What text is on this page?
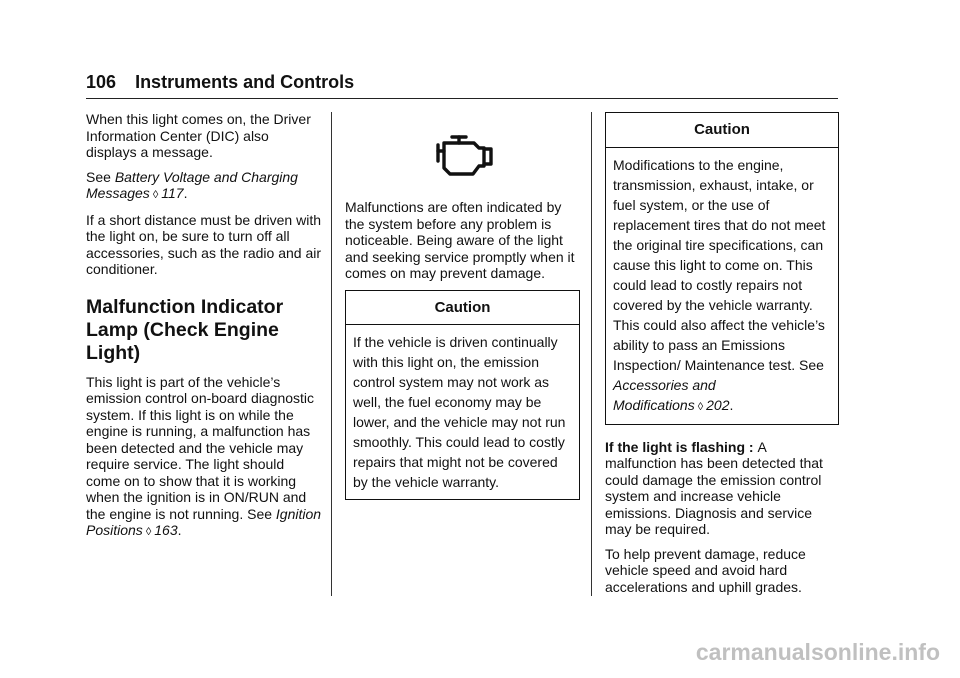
106 Instruments and Controls

When this light comes on, the Driver Information Center (DIC) also displays a message.

See Battery Voltage and Charging Messages ◊ 117.

If a short distance must be driven with the light on, be sure to turn off all accessories, such as the radio and air conditioner.

Malfunction Indicator Lamp (Check Engine Light)

This light is part of the vehicle’s emission control on-board diagnostic system. If this light is on while the engine is running, a malfunction has been detected and the vehicle may require service. The light should come on to show that it is working when the ignition is in ON/RUN and the engine is not running. See Ignition Positions ◊ 163.

Malfunctions are often indicated by the system before any problem is noticeable. Being aware of the light and seeking service promptly when it comes on may prevent damage.

Caution
If the vehicle is driven continually with this light on, the emission control system may not work as well, the fuel economy may be lower, and the vehicle may not run smoothly. This could lead to costly repairs that might not be covered by the vehicle warranty.
Caution
Modifications to the engine, transmission, exhaust, intake, or fuel system, or the use of replacement tires that do not meet the original tire specifications, can cause this light to come on. This could lead to costly repairs not covered by the vehicle warranty. This could also affect the vehicle’s ability to pass an Emissions Inspection/ Maintenance test. See Accessories and Modifications ◊ 202.

If the light is flashing : A malfunction has been detected that could damage the emission control system and increase vehicle emissions. Diagnosis and service may be required.

To help prevent damage, reduce vehicle speed and avoid hard accelerations and uphill grades.

carmanualsonline.info
